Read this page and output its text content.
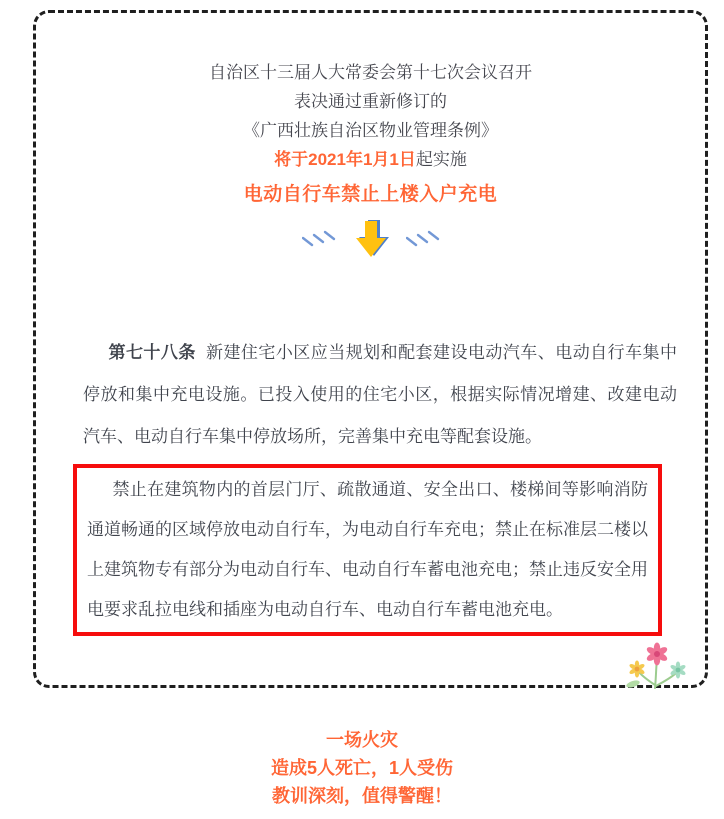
自治区十三届人大常委会第十七次会议召开

表决通过重新修订的

《广西壮族自治区物业管理条例》

将于2021年1月1日起实施

电动自行车禁止上楼入户充电

第七十八条 新建住宅小区应当规划和配套建设电动汽车、电动自行车集中停放和集中充电设施。已投入使用的住宅小区，根据实际情况增建、改建电动汽车、电动自行车集中停放场所，完善集中充电等配套设施。

禁止在建筑物内的首层门厅、疏散通道、安全出口、楼梯间等影响消防通道畅通的区域停放电动自行车，为电动自行车充电；禁止在标准层二楼以上建筑物专有部分为电动自行车、电动自行车蓄电池充电；禁止违反安全用电要求乱拉电线和插座为电动自行车、电动自行车蓄电池充电。

一场火灾

造成5人死亡，1人受伤

教训深刻，值得警醒！
